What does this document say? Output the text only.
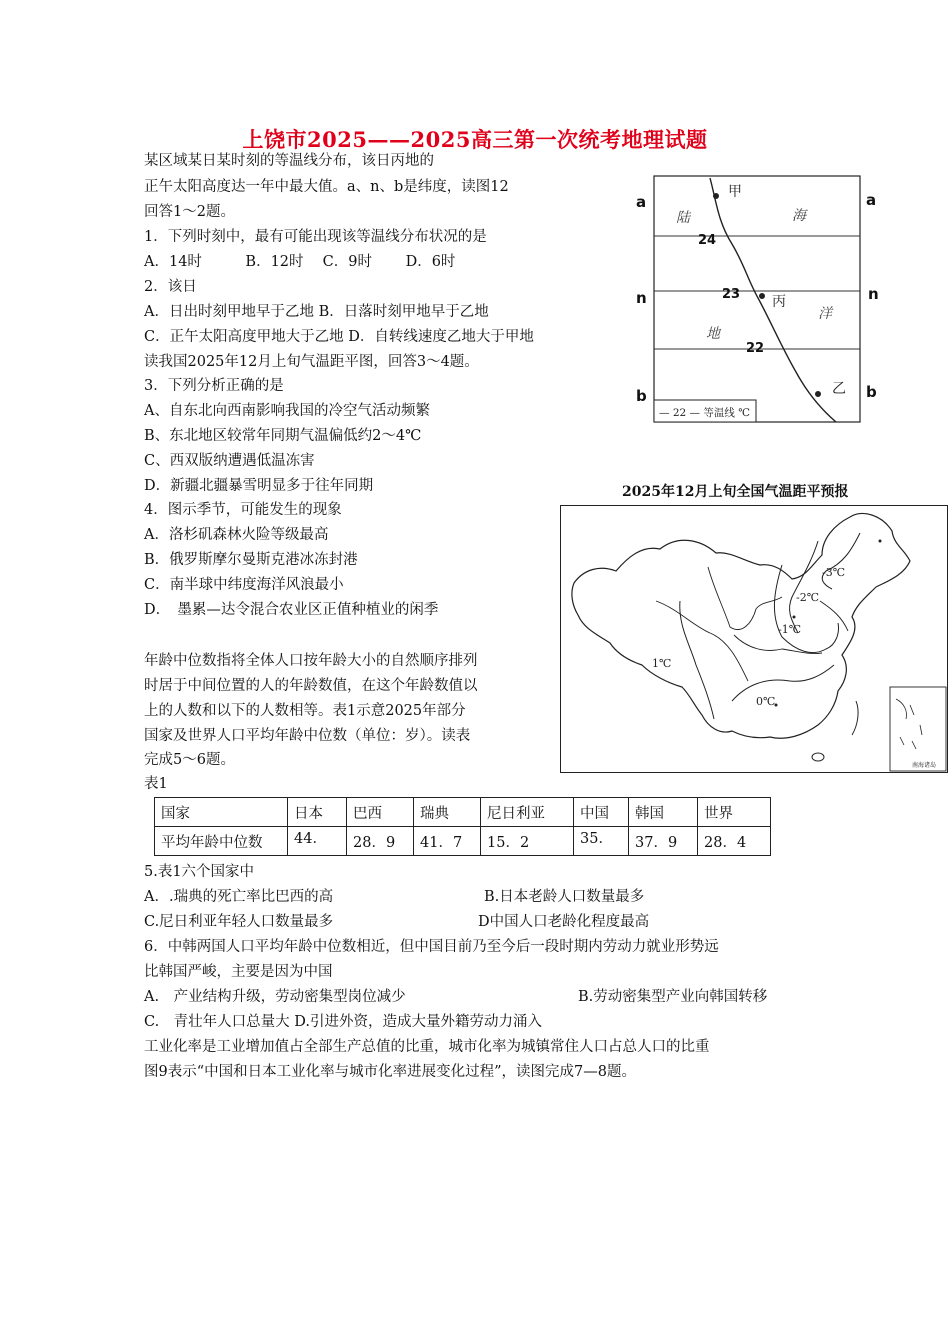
上饶市2025——2025高三第一次统考地理试题
某区域某日某时刻的等温线分布，该日丙地的
正午太阳高度达一年中最大值。a、n、b是纬度，读图12
回答1～2题。
1．下列时刻中，最有可能出现该等温线分布状况的是
A．14时　　　B．12时　 C．9时　　 D．6时
2．该日
A．日出时刻甲地早于乙地 B．日落时刻甲地早于乙地
C．正午太阳高度甲地大于乙地 D．自转线速度乙地大于甲地
读我国2025年12月上旬气温距平图，回答3～4题。
3．下列分析正确的是
A、自东北向西南影响我国的冷空气活动频繁
B、东北地区较常年同期气温偏低约2～4℃
C、西双版纳遭遇低温冻害
D．新疆北疆暴雪明显多于往年同期
4．图示季节，可能发生的现象
A．洛杉矶森林火险等级最高
B．俄罗斯摩尔曼斯克港冰冻封港
C．南半球中纬度海洋风浪最小
D．　墨累—达令混合农业区正值种植业的闲季
年龄中位数指将全体人口按年龄大小的自然顺序排列
时居于中间位置的人的年龄数值，在这个年龄数值以
上的人数和以下的人数相等。表1示意2025年部分
国家及世界人口平均年龄中位数（单位：岁）。读表
完成5～6题。
表1
国家	日本	巴西	瑞典	尼日利亚	中国	韩国	世界
平均年龄中位数	44．	28．9	41．7	15．2	35．	37．9	28．4
5.表1六个国家中
A．.瑞典的死亡率比巴西的高	B.日本老龄人口数量最多
C.尼日利亚年轻人口数量最多	D中国人口老龄化程度最高
6．中韩两国人口平均年龄中位数相近，但中国目前乃至今后一段时期内劳动力就业形势远
比韩国严峻，主要是因为中国
A.　产业结构升级，劳动密集型岗位减少	B.劳动密集型产业向韩国转移
C.　青壮年人口总量大 D.引进外资，造成大量外籍劳动力涌入
工业化率是工业增加值占全部生产总值的比重，城市化率为城镇常住人口占总人口的比重
图9表示“中国和日本工业化率与城市化率进展变化过程”，读图完成7—8题。
a	a
n	n
b	b
24
23
22
甲
丙
乙
陆
地
海
洋
— 22 — 等温线 ℃
2025年12月上旬全国气温距平预报
-3℃
-2℃
-1℃
1℃
0℃
南海诸岛
